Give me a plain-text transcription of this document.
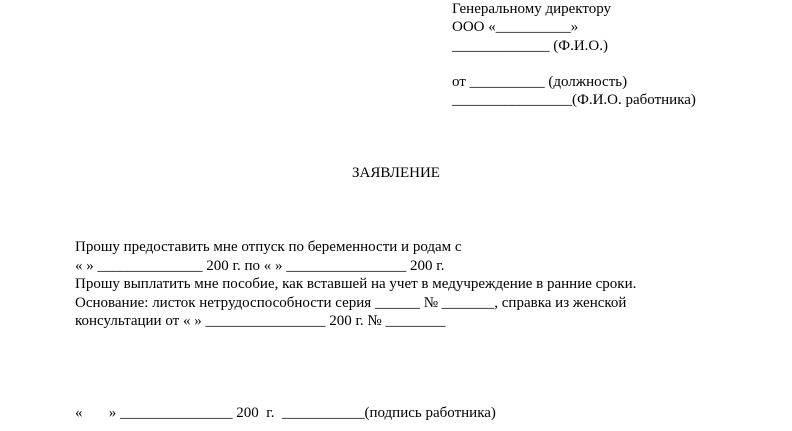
Генеральному директору
ООО «__________»
_____________ (Ф.И.О.)
от __________ (должность)
________________(Ф.И.О. работника)
ЗАЯВЛЕНИЕ
Прошу предоставить мне отпуск по беременности и родам с
« » ______________ 200 г. по « » ________________ 200 г.
Прошу выплатить мне пособие, как вставшей на учет в медучреждение в ранние сроки.
Основание: листок нетрудоспособности серия ______ № _______, справка из женской
консультации от « » ________________ 200 г. № ________
«       » _______________ 200  г.  ___________(подпись работника)
